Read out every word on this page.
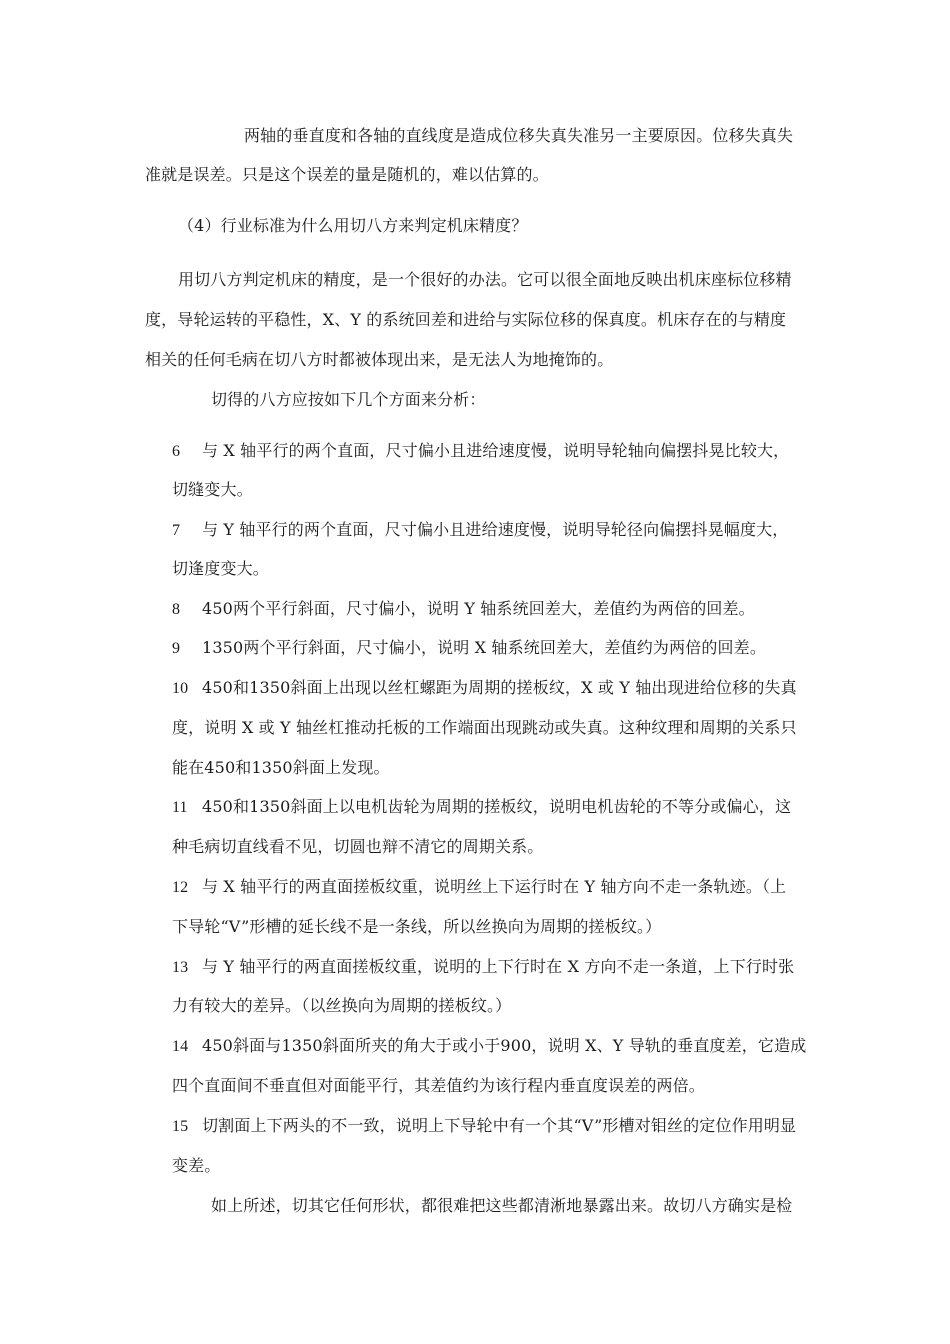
两轴的垂直度和各轴的直线度是造成位移失真失准另一主要原因。位移失真失
准就是误差。只是这个误差的量是随机的，难以估算的。
（4）行业标准为什么用切八方来判定机床精度？
用切八方判定机床的精度，是一个很好的办法。它可以很全面地反映出机床座标位移精
度，导轮运转的平稳性，X、Y 的系统回差和进给与实际位移的保真度。机床存在的与精度
相关的任何毛病在切八方时都被体现出来，是无法人为地掩饰的。
切得的八方应按如下几个方面来分析：
6 与 X 轴平行的两个直面，尺寸偏小且进给速度慢，说明导轮轴向偏摆抖晃比较大，
切缝变大。
7 与 Y 轴平行的两个直面，尺寸偏小且进给速度慢，说明导轮径向偏摆抖晃幅度大，
切逢度变大。
8 450两个平行斜面，尺寸偏小，说明 Y 轴系统回差大，差值约为两倍的回差。
9 1350两个平行斜面，尺寸偏小，说明 X 轴系统回差大，差值约为两倍的回差。
10 450和1350斜面上出现以丝杠螺距为周期的搓板纹，X 或 Y 轴出现进给位移的失真
度，说明 X 或 Y 轴丝杠推动托板的工作端面出现跳动或失真。这种纹理和周期的关系只
能在450和1350斜面上发现。
11 450和1350斜面上以电机齿轮为周期的搓板纹，说明电机齿轮的不等分或偏心，这
种毛病切直线看不见，切圆也辩不清它的周期关系。
12 与 X 轴平行的两直面搓板纹重，说明丝上下运行时在 Y 轴方向不走一条轨迹。（上
下导轮“V”形槽的延长线不是一条线，所以丝换向为周期的搓板纹。）
13 与 Y 轴平行的两直面搓板纹重，说明的上下行时在 X 方向不走一条道，上下行时张
力有较大的差异。（以丝换向为周期的搓板纹。）
14 450斜面与1350斜面所夹的角大于或小于900，说明 X、Y 导轨的垂直度差，它造成
四个直面间不垂直但对面能平行，其差值约为该行程内垂直度误差的两倍。
15 切割面上下两头的不一致，说明上下导轮中有一个其“V”形槽对钼丝的定位作用明显
变差。
如上所述，切其它任何形状，都很难把这些都清淅地暴露出来。故切八方确实是检
